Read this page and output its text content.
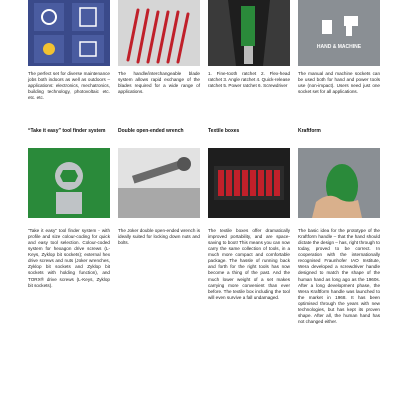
HAND & MACHINE

The perfect set for diverse maintenance jobs both indoors as well as outdoors – applications: electronics, mechatronics, building technology, photovoltaic etc. etc. etc.

The handle/interchangeable blade system allows rapid exchange of the blades required for a wide range of applications.

1. Fine-tooth ratchet 2. Flex-head ratchet 3. Angle ratchet 4. Quick-release ratchet 5. Power ratchet 6. Screwdriver

The manual and machine sockets can be used both for hand and power tools use (non-impact). Users need just one socket set for all applications.

“Take it easy” tool finder system	Double open-ended wrench	Textile boxes	Kraftform

“Take it easy” tool finder system - with profile and size colour-coding for quick and easy tool selection. Colour-coded system for hexagon drive screws (L-Keys, Zyklop bit sockets); external hex drive screws and nuts (Joker wrenches, Zyklop bit sockets and Zyklop bit sockets with holding function), and TORX® drive screws (L-Keys, Zyklop bit sockets).

The Joker double open-ended wrench is ideally suited for locking down nuts and bolts.

The textile boxes offer dramatically improved portability, and are space-saving to boot! This means you can now carry the same collection of tools, in a much more compact and comfortable package. The hassle of running back and forth for the right tools has now become a thing of the past. And the much lower weight of a set makes carrying more convenient than ever before. The textile box including the tool will even survive a fall undamaged.

The basic idea for the prototype of the Kraftform handle – that the hand should dictate the design – has, right through to today, proved to be correct. In cooperation with the internationally recognised Fraunhofer IAO Institute, Wera developed a screwdriver handle designed to match the shape of the human hand as long ago as the 1960s. After a long development phase, the Wera Kraftform handle was launched to the market in 1968. It has been optimised through the years with new technologies, but has kept its proven shape. After all, the human hand has not changed either.
